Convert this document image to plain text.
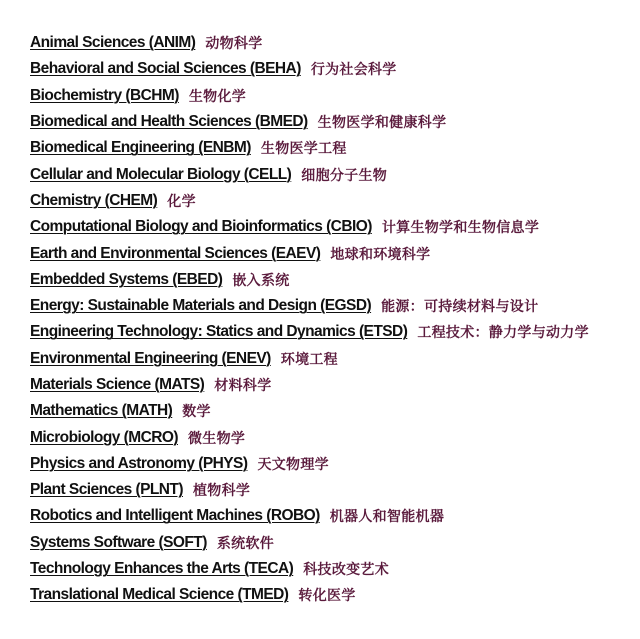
Animal Sciences (ANIM) 动物科学
Behavioral and Social Sciences (BEHA) 行为社会科学
Biochemistry (BCHM) 生物化学
Biomedical and Health Sciences (BMED) 生物医学和健康科学
Biomedical Engineering (ENBM) 生物医学工程
Cellular and Molecular Biology (CELL) 细胞分子生物
Chemistry (CHEM) 化学
Computational Biology and Bioinformatics (CBIO) 计算生物学和生物信息学
Earth and Environmental Sciences (EAEV) 地球和环境科学
Embedded Systems (EBED) 嵌入系统
Energy: Sustainable Materials and Design (EGSD) 能源：可持续材料与设计
Engineering Technology: Statics and Dynamics (ETSD) 工程技术：静力学与动力学
Environmental Engineering (ENEV) 环境工程
Materials Science (MATS) 材料科学
Mathematics (MATH) 数学
Microbiology (MCRO) 微生物学
Physics and Astronomy (PHYS) 天文物理学
Plant Sciences (PLNT) 植物科学
Robotics and Intelligent Machines (ROBO) 机器人和智能机器
Systems Software (SOFT) 系统软件
Technology Enhances the Arts (TECA) 科技改变艺术
Translational Medical Science (TMED) 转化医学
